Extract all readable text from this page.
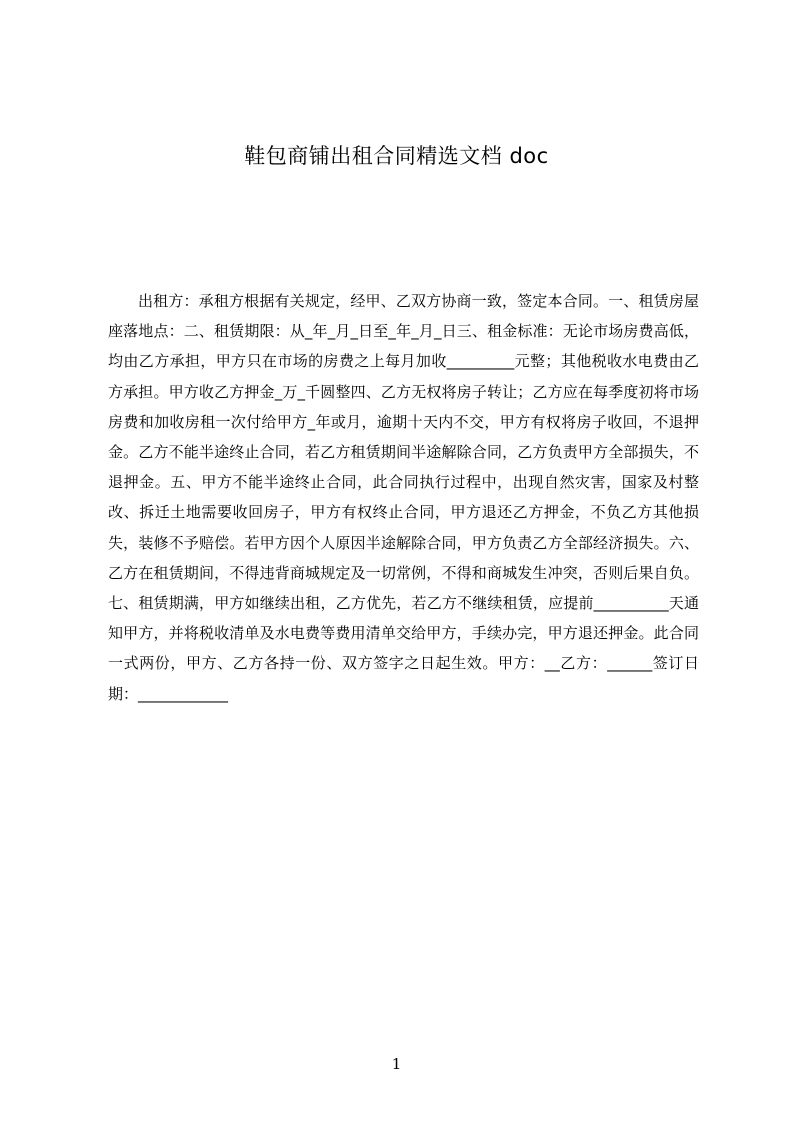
鞋包商铺出租合同精选文档 doc

出租方：承租方根据有关规定，经甲、乙双方协商一致，签定本合同。一、租赁房屋座落地点：二、租赁期限：从_年_月_日至_年_月_日三、租金标准：无论市场房费高低，均由乙方承担，甲方只在市场的房费之上每月加收_________元整；其他税收水电费由乙方承担。甲方收乙方押金_万_千圆整四、乙方无权将房子转让；乙方应在每季度初将市场房费和加收房租一次付给甲方_年或月，逾期十天内不交，甲方有权将房子收回，不退押金。乙方不能半途终止合同，若乙方租赁期间半途解除合同，乙方负责甲方全部损失，不退押金。五、甲方不能半途终止合同，此合同执行过程中，出现自然灾害，国家及村整改、拆迁土地需要收回房子，甲方有权终止合同，甲方退还乙方押金，不负乙方其他损失，装修不予赔偿。若甲方因个人原因半途解除合同，甲方负责乙方全部经济损失。六、乙方在租赁期间，不得违背商城规定及一切常例，不得和商城发生冲突，否则后果自负。七、租赁期满，甲方如继续出租，乙方优先，若乙方不继续租赁，应提前__________天通知甲方，并将税收清单及水电费等费用清单交给甲方，手续办完，甲方退还押金。此合同一式两份，甲方、乙方各持一份、双方签字之日起生效。甲方：__乙方：______签订日期：____________

1
